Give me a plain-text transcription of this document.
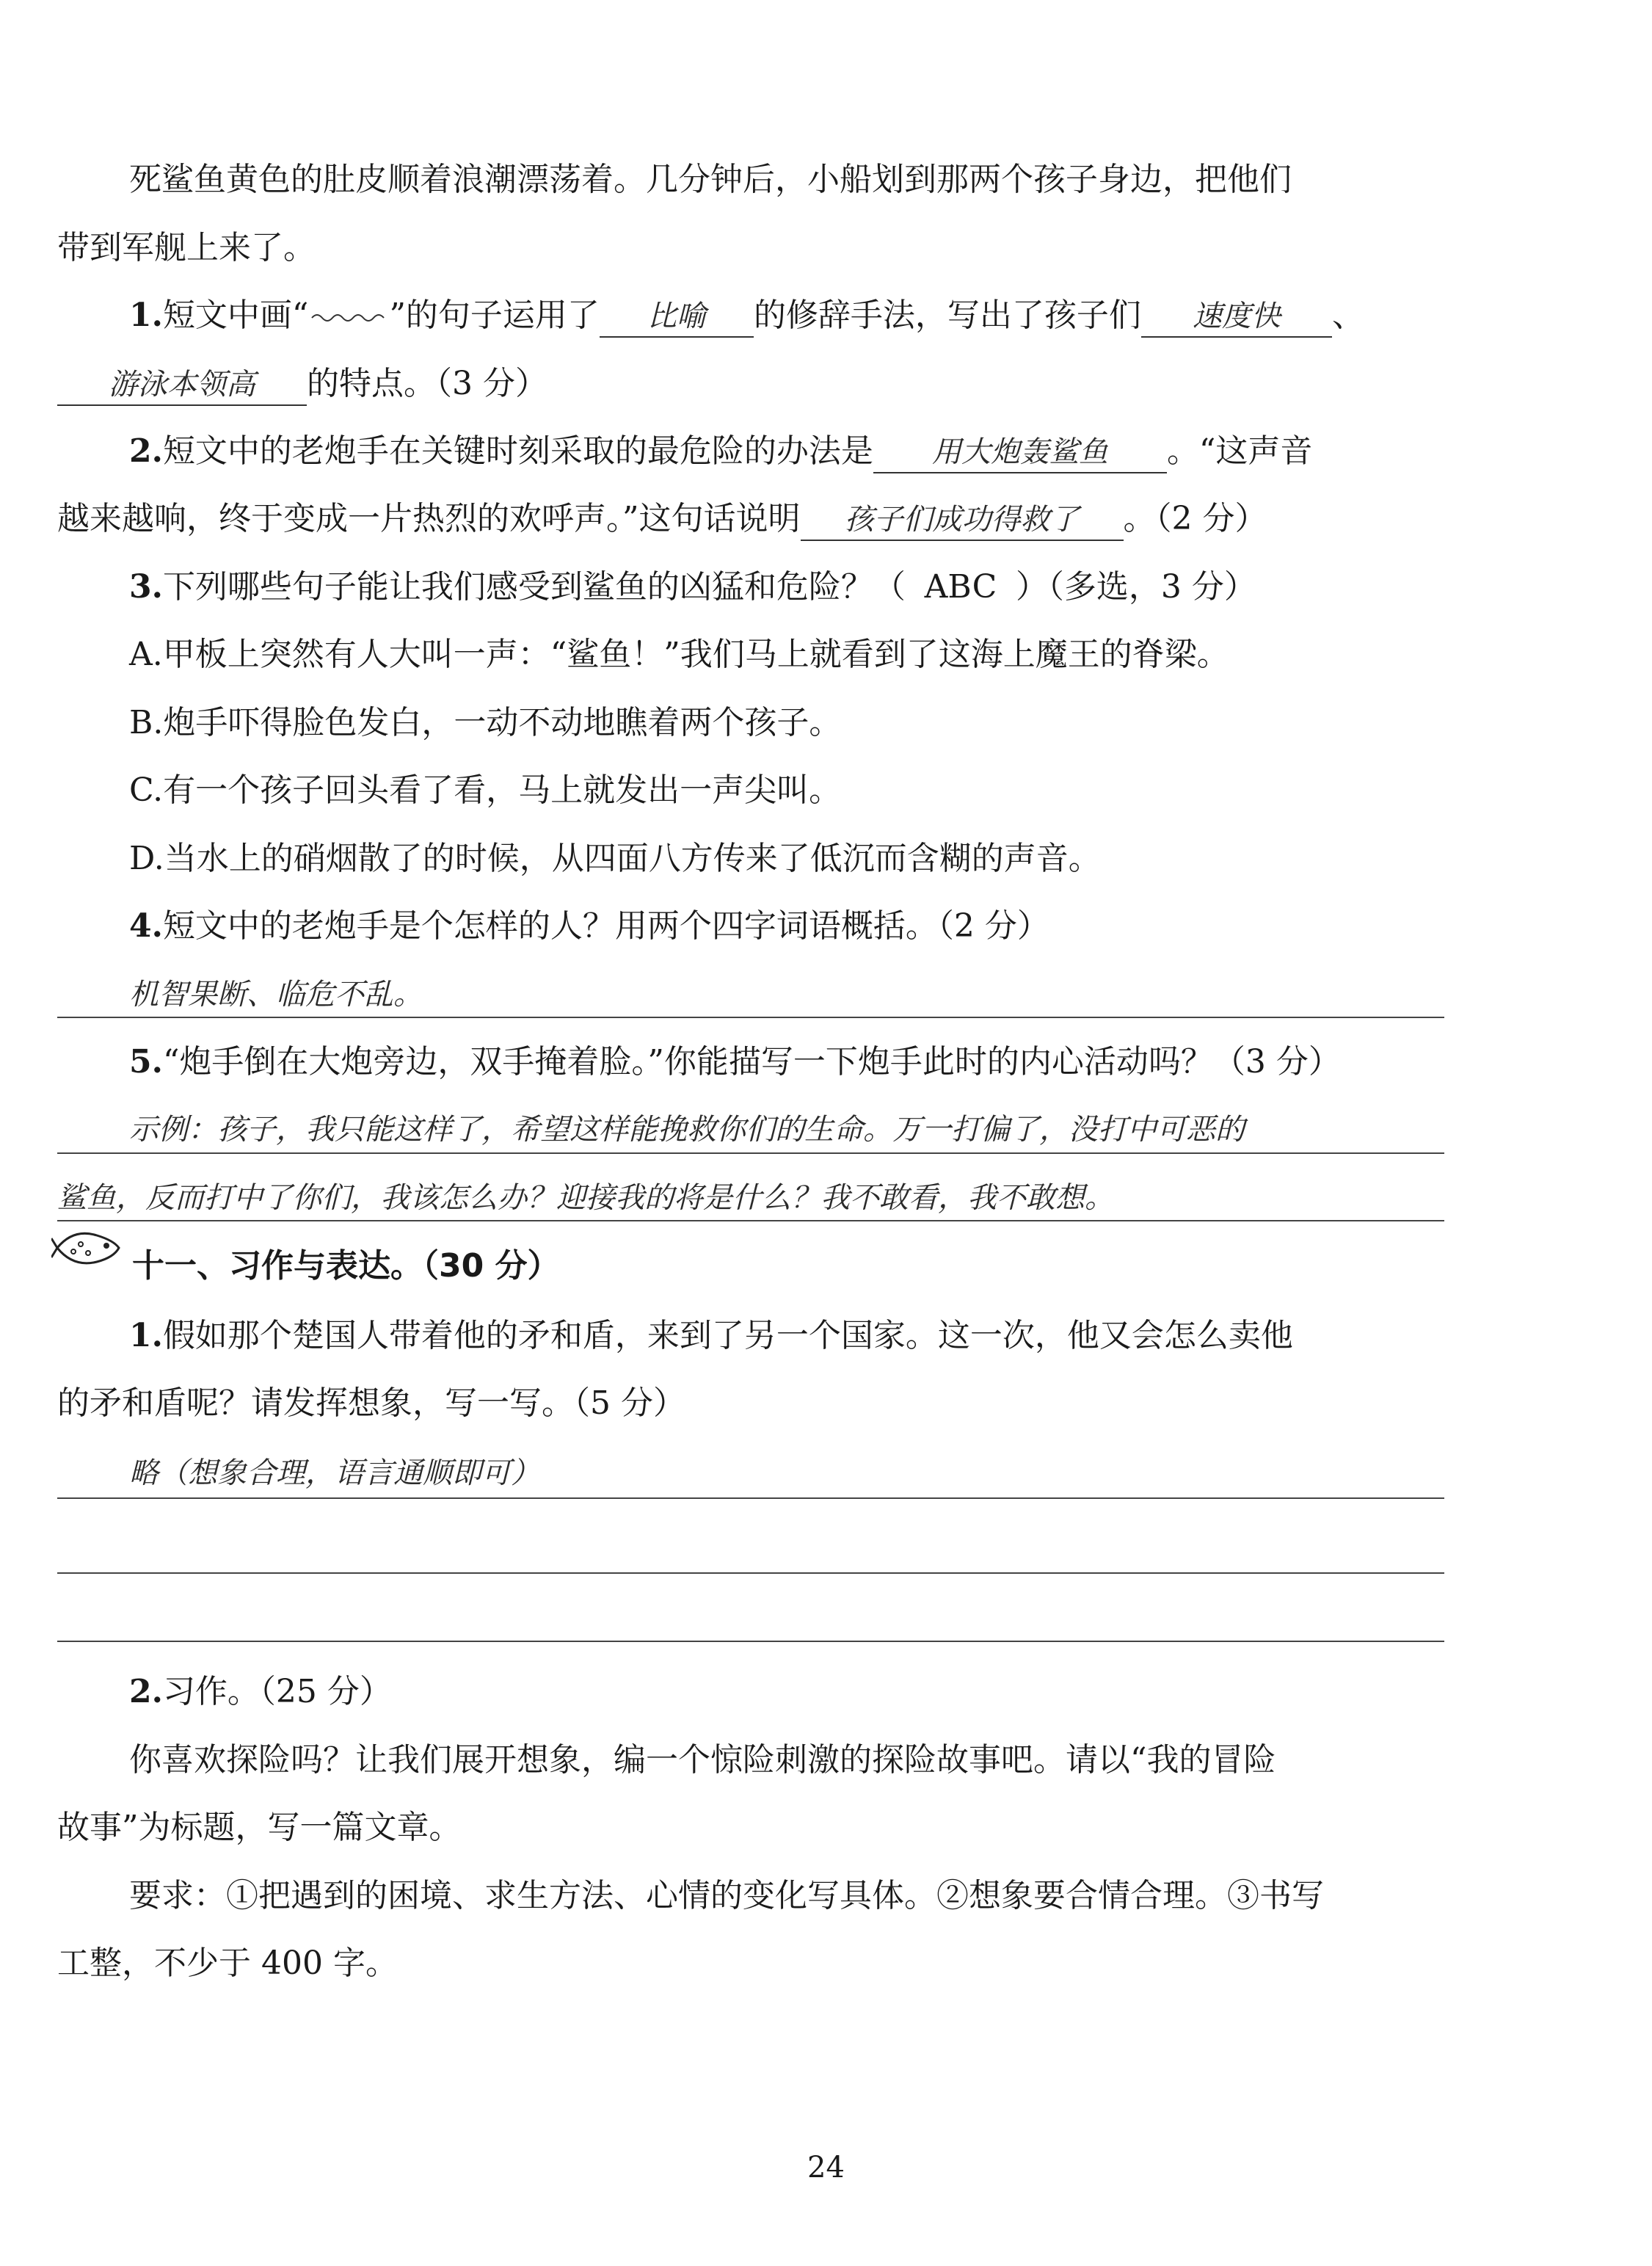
死鲨鱼黄色的肚皮顺着浪潮漂荡着。几分钟后，小船划到那两个孩子身边，把他们
带到军舰上来了。
1.短文中画“	”的句子运用了 比喻 的修辞手法，写出了孩子们 速度快 、
游泳本领高 的特点。（3 分）
2.短文中的老炮手在关键时刻采取的最危险的办法是 用大炮轰鲨鱼 。“这声音
越来越响，终于变成一片热烈的欢呼声。”这句话说明 孩子们成功得救了 。（2 分）
3.下列哪些句子能让我们感受到鲨鱼的凶猛和危险？（ ABC ）（多选，3 分）
A.甲板上突然有人大叫一声：“鲨鱼！”我们马上就看到了这海上魔王的脊梁。
B.炮手吓得脸色发白，一动不动地瞧着两个孩子。
C.有一个孩子回头看了看，马上就发出一声尖叫。
D.当水上的硝烟散了的时候，从四面八方传来了低沉而含糊的声音。
4.短文中的老炮手是个怎样的人？用两个四字词语概括。（2 分）
机智果断、临危不乱。
5.“炮手倒在大炮旁边，双手掩着脸。”你能描写一下炮手此时的内心活动吗？（3 分）
示例：孩子，我只能这样了，希望这样能挽救你们的生命。万一打偏了，没打中可恶的
鲨鱼，反而打中了你们，我该怎么办？迎接我的将是什么？我不敢看，我不敢想。
十一、习作与表达。（30 分）
1.假如那个楚国人带着他的矛和盾，来到了另一个国家。这一次，他又会怎么卖他
的矛和盾呢？请发挥想象，写一写。（5 分）
略（想象合理，语言通顺即可）
2.习作。（25 分）
你喜欢探险吗？让我们展开想象，编一个惊险刺激的探险故事吧。请以“我的冒险
故事”为标题，写一篇文章。
要求：①把遇到的困境、求生方法、心情的变化写具体。②想象要合情合理。③书写
工整，不少于 400 字。
24
